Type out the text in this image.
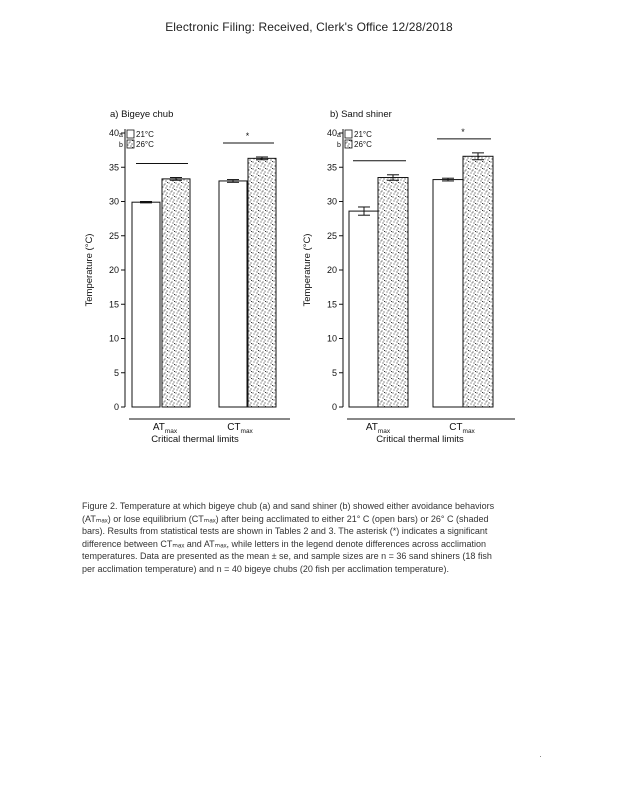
Electronic Filing: Received, Clerk's Office 12/28/2018
a) Bigeye chub
0
5
10
15
20
25
30
35
40
Temperature (°C)
*
$AT_{max}$	$CT_{max}$
Critical thermal limits
a 21°C
b 26°C
b) Sand shiner
0
5
10
15
20
25
30
35
40
Temperature (°C)
*
$AT_{max}$	$CT_{max}$
Critical thermal limits
a 21°C
b 26°C
Figure 2. Temperature at which bigeye chub (a) and sand shiner (b) showed either avoidance behaviors
(ATₘₐₓ) or lose equilibrium (CTₘₐₓ) after being acclimated to either 21° C (open bars) or 26° C (shaded
bars). Results from statistical tests are shown in Tables 2 and 3. The asterisk (*) indicates a significant
difference between CTₘₐₓ and ATₘₐₓ, while letters in the legend denote differences across acclimation
temperatures. Data are presented as the mean ± se, and sample sizes are n = 36 sand shiners (18 fish
per acclimation temperature) and n = 40 bigeye chubs (20 fish per acclimation temperature).
